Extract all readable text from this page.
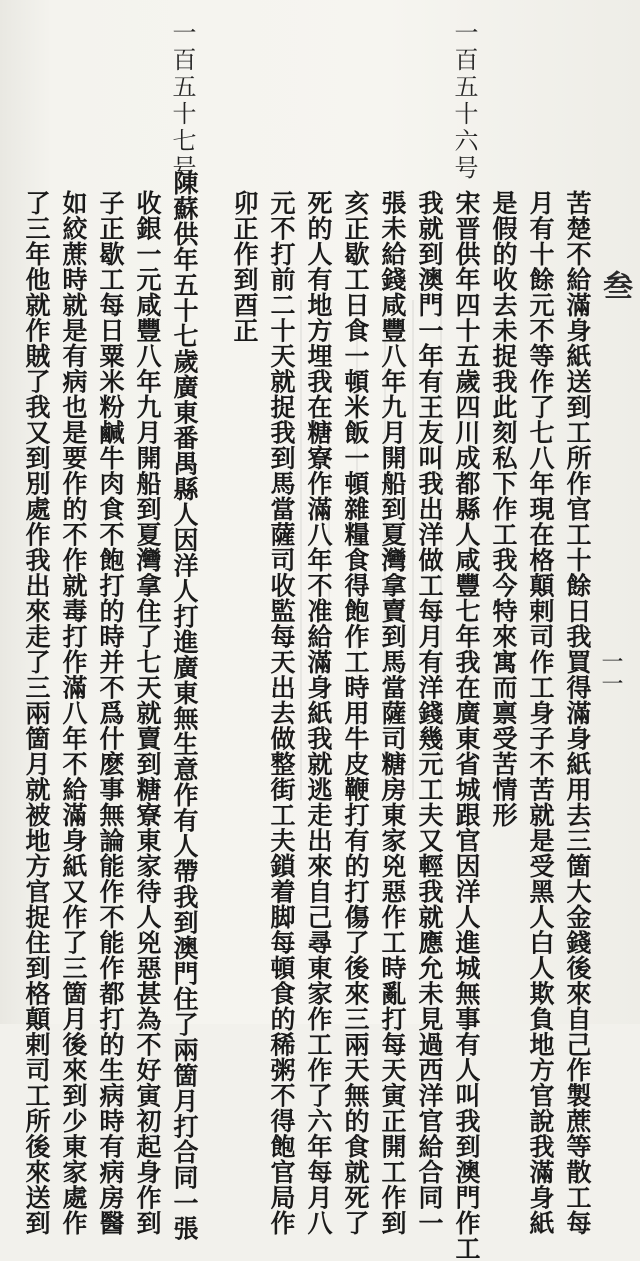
一百五十七号	一百五十六号
叁
一一
苦楚不給滿身紙送到工所作官工十餘日我買得滿身紙用去三箇大金錢後來自己作製蔗等散工每
月有十餘元不等作了七八年現在格顛剌司作工身子不苦就是受黑人白人欺負地方官說我滿身紙
是假的收去未捉我此刻私下作工我今特來寓而禀受苦情形
宋晋供年四十五歲四川成都縣人咸豐七年我在廣東省城跟官因洋人進城無事有人叫我到澳門作工
我就到澳門一年有王友叫我出洋做工每月有洋錢幾元工夫又輕我就應允未見過西洋官給合同一
張未給錢咸豐八年九月開船到夏灣拿賣到馬當薩司糖房東家兇惡作工時亂打每天寅正開工作到
亥正歇工日食一頓米飯一頓雜糧食得飽作工時用牛皮鞭打有的打傷了後來三兩天無的食就死了
死的人有地方埋我在糖寮作滿八年不准給滿身紙我就逃走出來自己尋東家作工作了六年每月八
元不打前二十天就捉我到馬當薩司收監每天出去做整街工夫鎖着脚每頓食的稀粥不得飽官局作
卯正作到酉正
陳蘇供年五十七歲廣東番禺縣人因洋人打進廣東無生意作有人帶我到澳門住了兩箇月打合同一張
收銀一元咸豐八年九月開船到夏灣拿住了七天就賣到糖寮東家待人兇惡甚為不好寅初起身作到
子正歇工每日粟米粉鹹牛肉食不飽打的時并不爲什麽事無論能作不能作都打的生病時有病房醫
如絞蔗時就是有病也是要作的不作就毒打作滿八年不給滿身紙又作了三箇月後來到少東家處作
了三年他就作賊了我又到別處作我出來走了三兩箇月就被地方官捉住到格顛剌司工所後來送到
